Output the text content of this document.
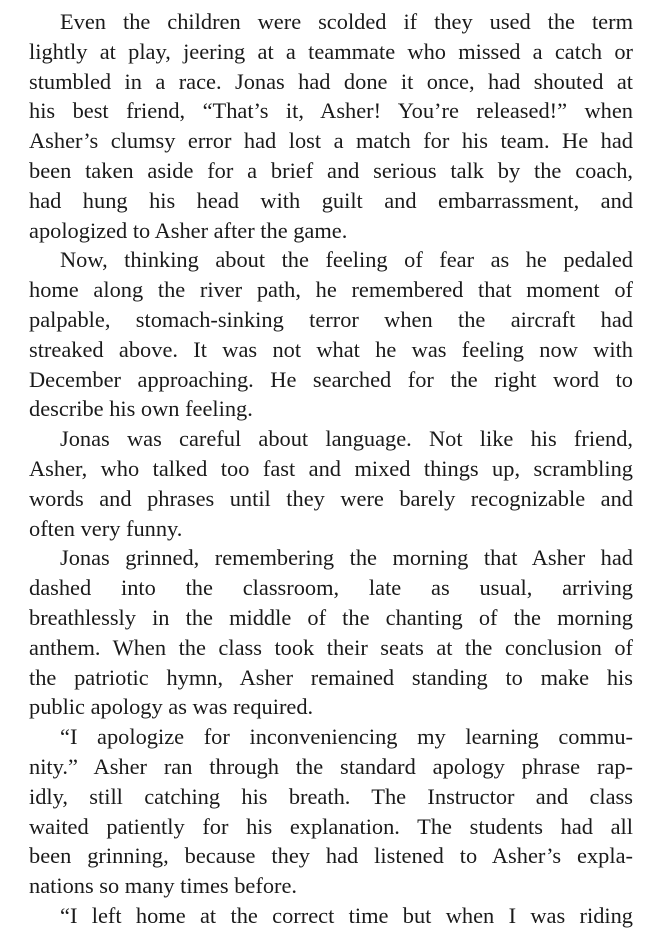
Even the children were scolded if they used the term
lightly at play, jeering at a teammate who missed a catch or
stumbled in a race. Jonas had done it once, had shouted at
his best friend, “That’s it, Asher! You’re released!” when
Asher’s clumsy error had lost a match for his team. He had
been taken aside for a brief and serious talk by the coach,
had hung his head with guilt and embarrassment, and
apologized to Asher after the game.
Now, thinking about the feeling of fear as he pedaled
home along the river path, he remembered that moment of
palpable, stomach-sinking terror when the aircraft had
streaked above. It was not what he was feeling now with
December approaching. He searched for the right word to
describe his own feeling.
Jonas was careful about language. Not like his friend,
Asher, who talked too fast and mixed things up, scrambling
words and phrases until they were barely recognizable and
often very funny.
Jonas grinned, remembering the morning that Asher had
dashed into the classroom, late as usual, arriving
breathlessly in the middle of the chanting of the morning
anthem. When the class took their seats at the conclusion of
the patriotic hymn, Asher remained standing to make his
public apology as was required.
“I apologize for inconveniencing my learning commu-
nity.” Asher ran through the standard apology phrase rap-
idly, still catching his breath. The Instructor and class
waited patiently for his explanation. The students had all
been grinning, because they had listened to Asher’s expla-
nations so many times before.
“I left home at the correct time but when I was riding
